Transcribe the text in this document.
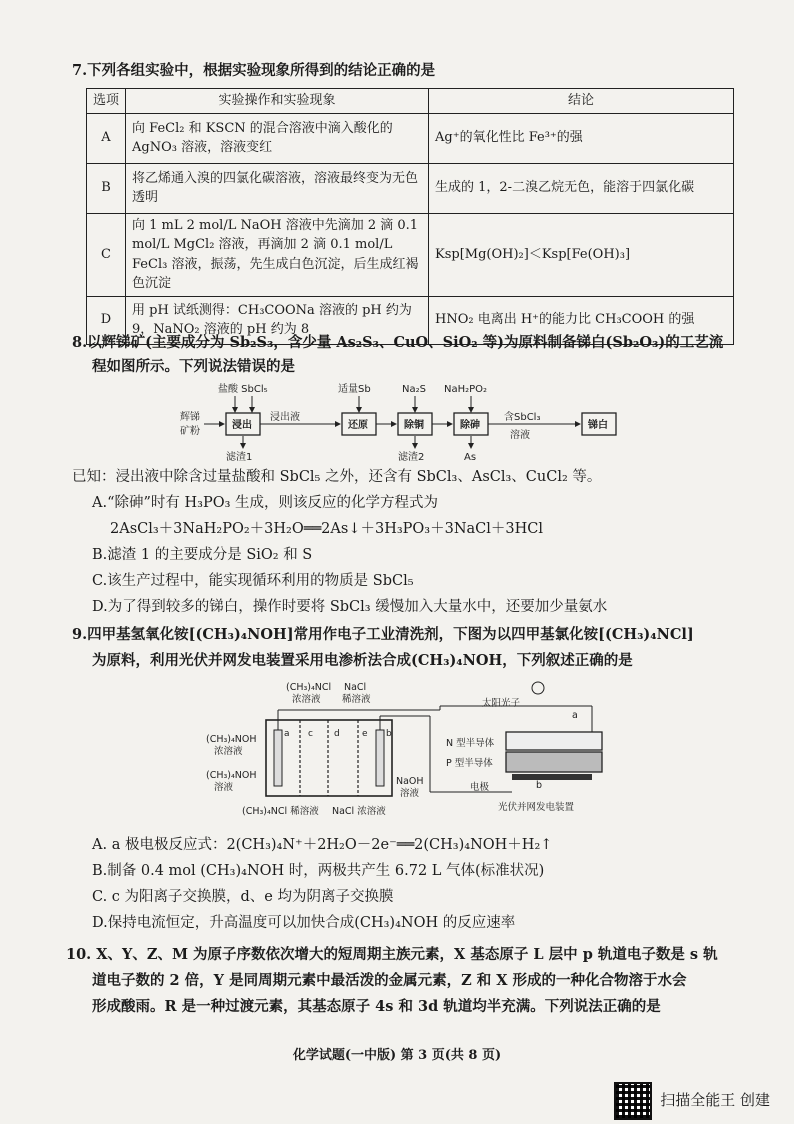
7.下列各组实验中，根据实验现象所得到的结论正确的是
选项	实验操作和实验现象	结论
A	向 FeCl₂ 和 KSCN 的混合溶液中滴入酸化的AgNO₃ 溶液，溶液变红	Ag⁺的氧化性比 Fe³⁺的强
B	将乙烯通入溴的四氯化碳溶液，溶液最终变为无色透明	生成的 1，2-二溴乙烷无色，能溶于四氯化碳
C	向 1 mL 2 mol/L NaOH 溶液中先滴加 2 滴 0.1 mol/L MgCl₂ 溶液，再滴加 2 滴 0.1 mol/L FeCl₃ 溶液，振荡，先生成白色沉淀，后生成红褐色沉淀	Ksp[Mg(OH)₂]＜Ksp[Fe(OH)₃]
D	用 pH 试纸测得：CH₃COONa 溶液的 pH 约为 9，NaNO₂ 溶液的 pH 约为 8	HNO₂ 电离出 H⁺的能力比 CH₃COOH 的强
8.以辉锑矿(主要成分为 Sb₂S₃，含少量 As₂S₃、CuO、SiO₂ 等)为原料制备锑白(Sb₂O₃)的工艺流
程如图所示。下列说法错误的是
辉锑
矿粉
浸出
盐酸 SbCl₅
滤渣1
浸出液
还原
适量Sb
除铜
Na₂S
滤渣2
除砷
NaH₂PO₂
As
含SbCl₃
溶液
锑白
已知：浸出液中除含过量盐酸和 SbCl₅ 之外，还含有 SbCl₃、AsCl₃、CuCl₂ 等。
A.“除砷”时有 H₃PO₃ 生成，则该反应的化学方程式为
2AsCl₃＋3NaH₂PO₂＋3H₂O══2As↓＋3H₃PO₃＋3NaCl＋3HCl
B.滤渣 1 的主要成分是 SiO₂ 和 S
C.该生产过程中，能实现循环利用的物质是 SbCl₅
D.为了得到较多的锑白，操作时要将 SbCl₃ 缓慢加入大量水中，还要加少量氨水
9.四甲基氢氧化铵[(CH₃)₄NOH]常用作电子工业清洗剂，下图为以四甲基氯化铵[(CH₃)₄NCl]
为原料，利用光伏并网发电装置采用电渗析法合成(CH₃)₄NOH，下列叙述正确的是
(CH₃)₄NCl
浓溶液
NaCl
稀溶液
(CH₃)₄NOH
浓溶液
(CH₃)₄NOH
溶液
NaOH
溶液
(CH₃)₄NCl 稀溶液 NaCl 浓溶液
a c d e b
太阳光子
N 型半导体
P 型半导体
电极
a
b
光伏并网发电装置
A. a 极电极反应式：2(CH₃)₄N⁺＋2H₂O－2e⁻══2(CH₃)₄NOH＋H₂↑
B.制备 0.4 mol (CH₃)₄NOH 时，两极共产生 6.72 L 气体(标准状况)
C. c 为阳离子交换膜，d、e 均为阴离子交换膜
D.保持电流恒定，升高温度可以加快合成(CH₃)₄NOH 的反应速率
10. X、Y、Z、M 为原子序数依次增大的短周期主族元素，X 基态原子 L 层中 p 轨道电子数是 s 轨
道电子数的 2 倍，Y 是同周期元素中最活泼的金属元素，Z 和 X 形成的一种化合物溶于水会
形成酸雨。R 是一种过渡元素，其基态原子 4s 和 3d 轨道均半充满。下列说法正确的是
化学试题(一中版) 第 3 页(共 8 页)
扫描全能王 创建
